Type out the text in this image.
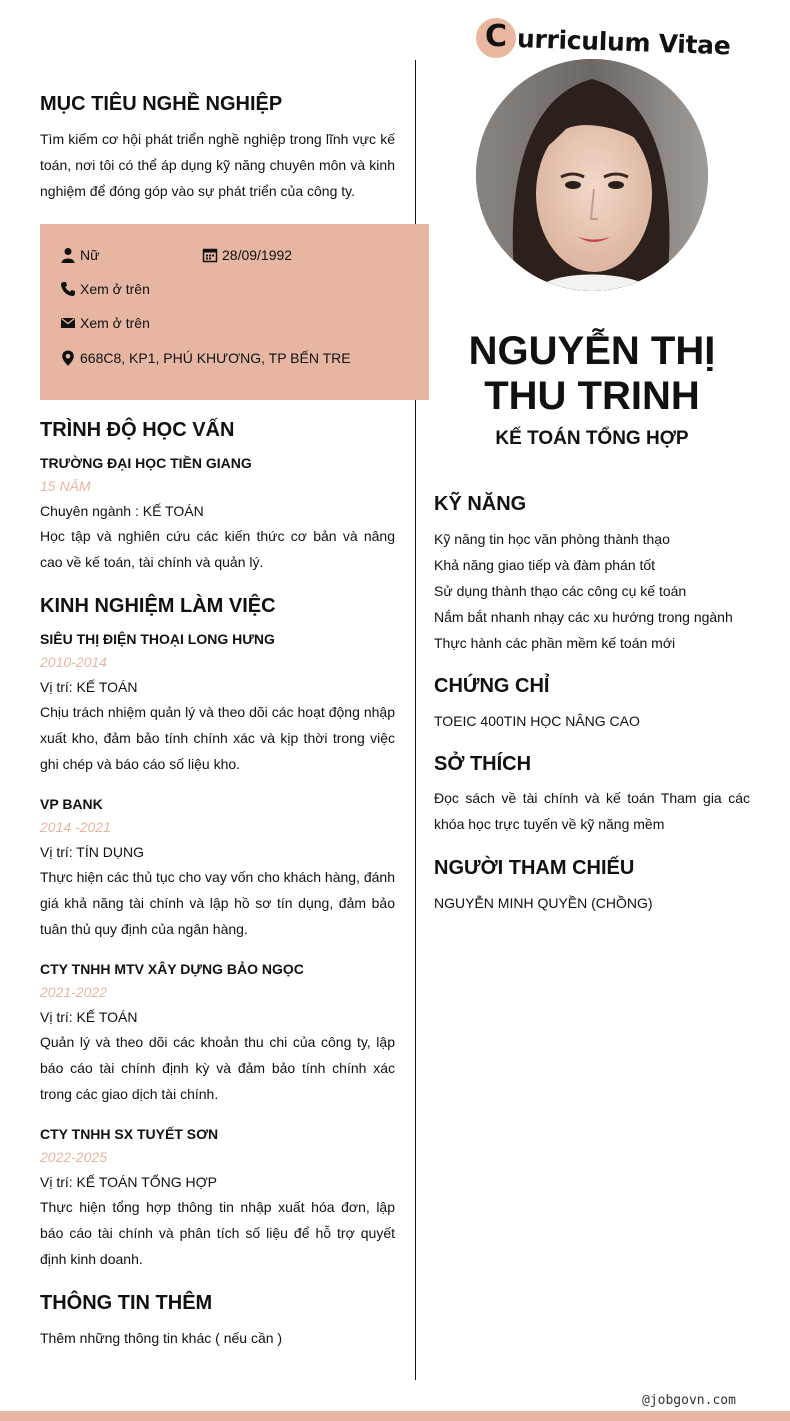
C urriculum Vitae
MỤC TIÊU NGHỀ NGHIỆP
Tìm kiếm cơ hội phát triển nghề nghiệp trong lĩnh vực kế toán, nơi tôi có thể áp dụng kỹ năng chuyên môn và kinh nghiệm để đóng góp vào sự phát triển của công ty.
Nữ	28/09/1992
Xem ở trên
Xem ở trên
668C8, KP1, PHÚ KHƯƠNG, TP BẾN TRE
TRÌNH ĐỘ HỌC VẤN
TRƯỜNG ĐẠI HỌC TIỀN GIANG
15 NĂM
Chuyên ngành : KẾ TOÁN
Học tập và nghiên cứu các kiến thức cơ bản và nâng cao về kế toán, tài chính và quản lý.
KINH NGHIỆM LÀM VIỆC
SIÊU THỊ ĐIỆN THOẠI LONG HƯNG
2010-2014
Vị trí: KẾ TOÁN
Chịu trách nhiệm quản lý và theo dõi các hoạt động nhập xuất kho, đảm bảo tính chính xác và kịp thời trong việc ghi chép và báo cáo số liệu kho.
VP BANK
2014 -2021
Vị trí: TÍN DỤNG
Thực hiện các thủ tục cho vay vốn cho khách hàng, đánh giá khả năng tài chính và lập hồ sơ tín dụng, đảm bảo tuân thủ quy định của ngân hàng.
CTY TNHH MTV XÂY DỰNG BẢO NGỌC
2021-2022
Vị trí: KẾ TOÁN
Quản lý và theo dõi các khoản thu chi của công ty, lập báo cáo tài chính định kỳ và đảm bảo tính chính xác trong các giao dịch tài chính.
CTY TNHH SX TUYẾT SƠN
2022-2025
Vị trí: KẾ TOÁN TỔNG HỢP
Thực hiện tổng hợp thông tin nhập xuất hóa đơn, lập báo cáo tài chính và phân tích số liệu để hỗ trợ quyết định kinh doanh.
THÔNG TIN THÊM
Thêm những thông tin khác ( nếu cần )
NGUYỄN THỊ
THU TRINH
KẾ TOÁN TỔNG HỢP
KỸ NĂNG
Kỹ năng tin học văn phòng thành thạo
Khả năng giao tiếp và đàm phán tốt
Sử dụng thành thạo các công cụ kế toán
Nắm bắt nhanh nhạy các xu hướng trong ngành
Thực hành các phần mềm kế toán mới
CHỨNG CHỈ
TOEIC 400TIN HỌC NÂNG CAO
SỞ THÍCH
Đọc sách về tài chính và kế toán Tham gia các khóa học trực tuyến về kỹ năng mềm
NGƯỜI THAM CHIẾU
NGUYỄN MINH QUYỀN (CHỒNG)
@jobgovn.com
